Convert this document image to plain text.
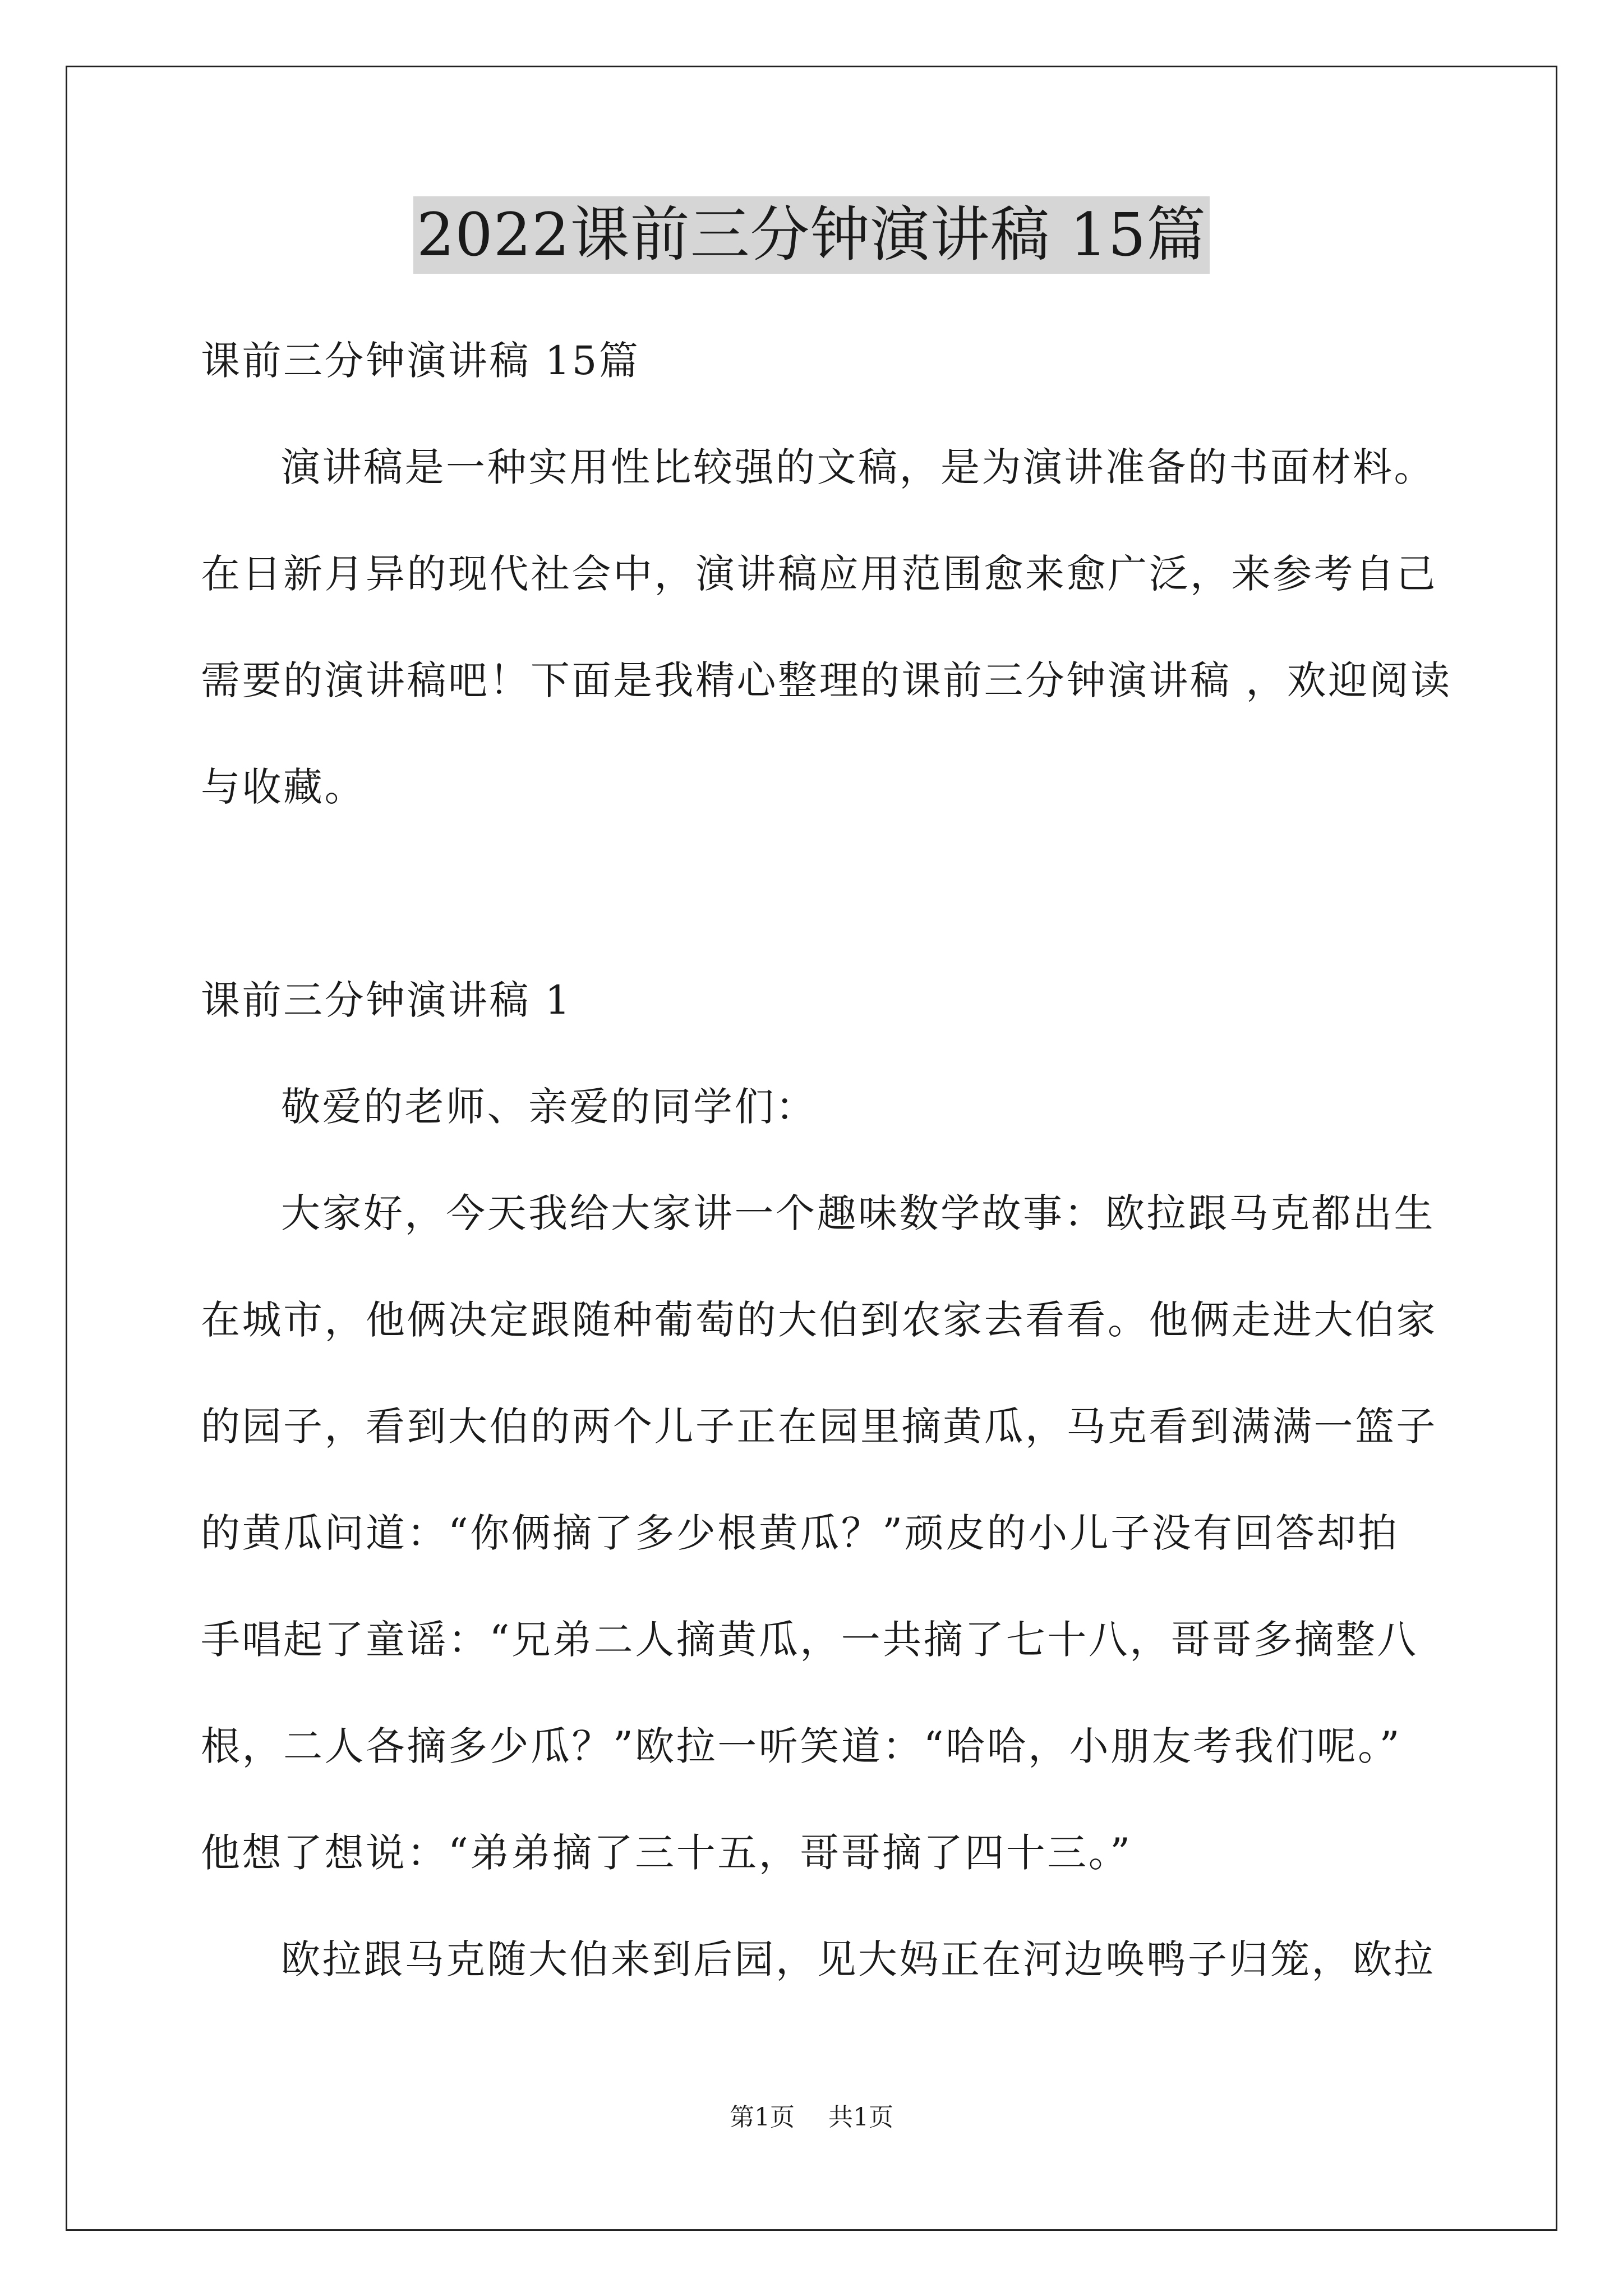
2022课前三分钟演讲稿 15篇
课前三分钟演讲稿 15篇
演讲稿是一种实用性比较强的文稿，是为演讲准备的书面材料。
在日新月异的现代社会中，演讲稿应用范围愈来愈广泛，来参考自己
需要的演讲稿吧！下面是我精心整理的课前三分钟演讲稿 ，欢迎阅读
与收藏。
课前三分钟演讲稿 1
敬爱的老师、亲爱的同学们：
大家好，今天我给大家讲一个趣味数学故事：欧拉跟马克都出生
在城市，他俩决定跟随种葡萄的大伯到农家去看看。他俩走进大伯家
的园子，看到大伯的两个儿子正在园里摘黄瓜，马克看到满满一篮子
的黄瓜问道：“你俩摘了多少根黄瓜？”顽皮的小儿子没有回答却拍
手唱起了童谣：“兄弟二人摘黄瓜，一共摘了七十八，哥哥多摘整八
根，二人各摘多少瓜？”欧拉一听笑道：“哈哈，小朋友考我们呢。”
他想了想说：“弟弟摘了三十五，哥哥摘了四十三。”
欧拉跟马克随大伯来到后园，见大妈正在河边唤鸭子归笼，欧拉
第1页 共1页
